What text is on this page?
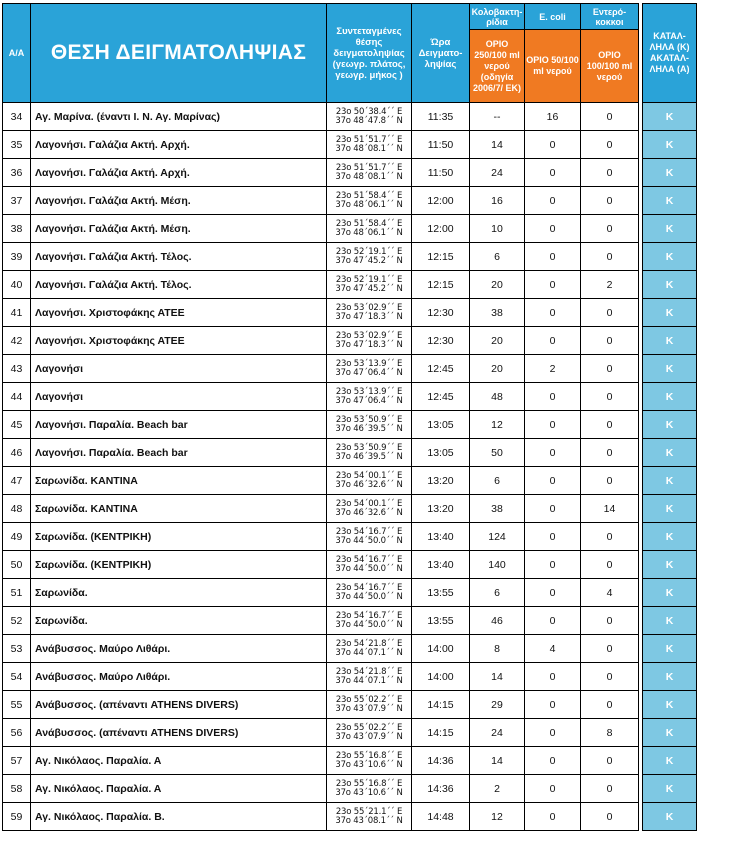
Α/Α	ΘΕΣΗ ΔΕΙΓΜΑΤΟΛΗΨΙΑΣ	Συντεταγμένες θέσης δειγματοληψίας (γεωγρ. πλάτος, γεωγρ. μήκος )	Ώρα Δειγματο-ληψίας	Κολοβακτη-ρίδια	E. coli	Εντερό-κοκκοι		ΚΑΤΑΛ-ΛΗΛΑ (Κ) ΑΚΑΤΑΛ-ΛΗΛΑ (Α)
				ΟΡΙΟ 250/100 ml νερού (οδηγία 2006/7/ ΕΚ)	ΟΡΙΟ 50/100 ml νερού	ΟΡΙΟ 100/100 ml νερού		
34	Αγ. Μαρίνα. (έναντι Ι. Ν. Αγ. Μαρίνας)	23ο 50΄38.4΄΄ Ε
37ο 48΄47.8΄΄ Ν	11:35	--	16	0		Κ
35	Λαγονήσι. Γαλάζια Ακτή. Αρχή.	23ο 51΄51.7΄΄ Ε
37ο 48΄08.1΄΄ Ν	11:50	14	0	0		Κ
36	Λαγονήσι. Γαλάζια Ακτή. Αρχή.	23ο 51΄51.7΄΄ Ε
37ο 48΄08.1΄΄ Ν	11:50	24	0	0		Κ
37	Λαγονήσι. Γαλάζια Ακτή. Μέση.	23ο 51΄58.4΄΄ Ε
37ο 48΄06.1΄΄ Ν	12:00	16	0	0		Κ
38	Λαγονήσι. Γαλάζια Ακτή. Μέση.	23ο 51΄58.4΄΄ Ε
37ο 48΄06.1΄΄ Ν	12:00	10	0	0		Κ
39	Λαγονήσι. Γαλάζια Ακτή. Τέλος.	23ο 52΄19.1΄΄ Ε
37ο 47΄45.2΄΄ Ν	12:15	6	0	0		Κ
40	Λαγονήσι. Γαλάζια Ακτή. Τέλος.	23ο 52΄19.1΄΄ Ε
37ο 47΄45.2΄΄ Ν	12:15	20	0	2		Κ
41	Λαγονήσι. Χριστοφάκης ΑΤΕΕ	23ο 53΄02.9΄΄ Ε
37ο 47΄18.3΄΄ Ν	12:30	38	0	0		Κ
42	Λαγονήσι. Χριστοφάκης ΑΤΕΕ	23ο 53΄02.9΄΄ Ε
37ο 47΄18.3΄΄ Ν	12:30	20	0	0		Κ
43	Λαγονήσι	23ο 53΄13.9΄΄ Ε
37ο 47΄06.4΄΄ Ν	12:45	20	2	0		Κ
44	Λαγονήσι	23ο 53΄13.9΄΄ Ε
37ο 47΄06.4΄΄ Ν	12:45	48	0	0		Κ
45	Λαγονήσι. Παραλία. Beach bar	23ο 53΄50.9΄΄ Ε
37ο 46΄39.5΄΄ Ν	13:05	12	0	0		Κ
46	Λαγονήσι. Παραλία. Beach bar	23ο 53΄50.9΄΄ Ε
37ο 46΄39.5΄΄ Ν	13:05	50	0	0		Κ
47	Σαρωνίδα. ΚΑΝΤΙΝΑ	23ο 54΄00.1΄΄ Ε
37ο 46΄32.6΄΄ Ν	13:20	6	0	0		Κ
48	Σαρωνίδα. ΚΑΝΤΙΝΑ	23ο 54΄00.1΄΄ Ε
37ο 46΄32.6΄΄ Ν	13:20	38	0	14		Κ
49	Σαρωνίδα. (ΚΕΝΤΡΙΚΗ)	23ο 54΄16.7΄΄ Ε
37ο 44΄50.0΄΄ Ν	13:40	124	0	0		Κ
50	Σαρωνίδα. (ΚΕΝΤΡΙΚΗ)	23ο 54΄16.7΄΄ Ε
37ο 44΄50.0΄΄ Ν	13:40	140	0	0		Κ
51	Σαρωνίδα.	23ο 54΄16.7΄΄ Ε
37ο 44΄50.0΄΄ Ν	13:55	6	0	4		Κ
52	Σαρωνίδα.	23ο 54΄16.7΄΄ Ε
37ο 44΄50.0΄΄ Ν	13:55	46	0	0		Κ
53	Ανάβυσσος. Μαύρο Λιθάρι.	23ο 54΄21.8΄΄ Ε
37ο 44΄07.1΄΄ Ν	14:00	8	4	0		Κ
54	Ανάβυσσος. Μαύρο Λιθάρι.	23ο 54΄21.8΄΄ Ε
37ο 44΄07.1΄΄ Ν	14:00	14	0	0		Κ
55	Ανάβυσσος. (απέναντι ATHENS DIVERS)	23ο 55΄02.2΄΄ Ε
37ο 43΄07.9΄΄ Ν	14:15	29	0	0		Κ
56	Ανάβυσσος. (απέναντι ATHENS DIVERS)	23ο 55΄02.2΄΄ Ε
37ο 43΄07.9΄΄ Ν	14:15	24	0	8		Κ
57	Αγ. Νικόλαος. Παραλία. Α	23ο 55΄16.8΄΄ Ε
37ο 43΄10.6΄΄ Ν	14:36	14	0	0		Κ
58	Αγ. Νικόλαος. Παραλία. Α	23ο 55΄16.8΄΄ Ε
37ο 43΄10.6΄΄ Ν	14:36	2	0	0		Κ
59	Αγ. Νικόλαος. Παραλία. Β.	23ο 55΄21.1΄΄ Ε
37ο 43΄08.1΄΄ Ν	14:48	12	0	0		Κ
